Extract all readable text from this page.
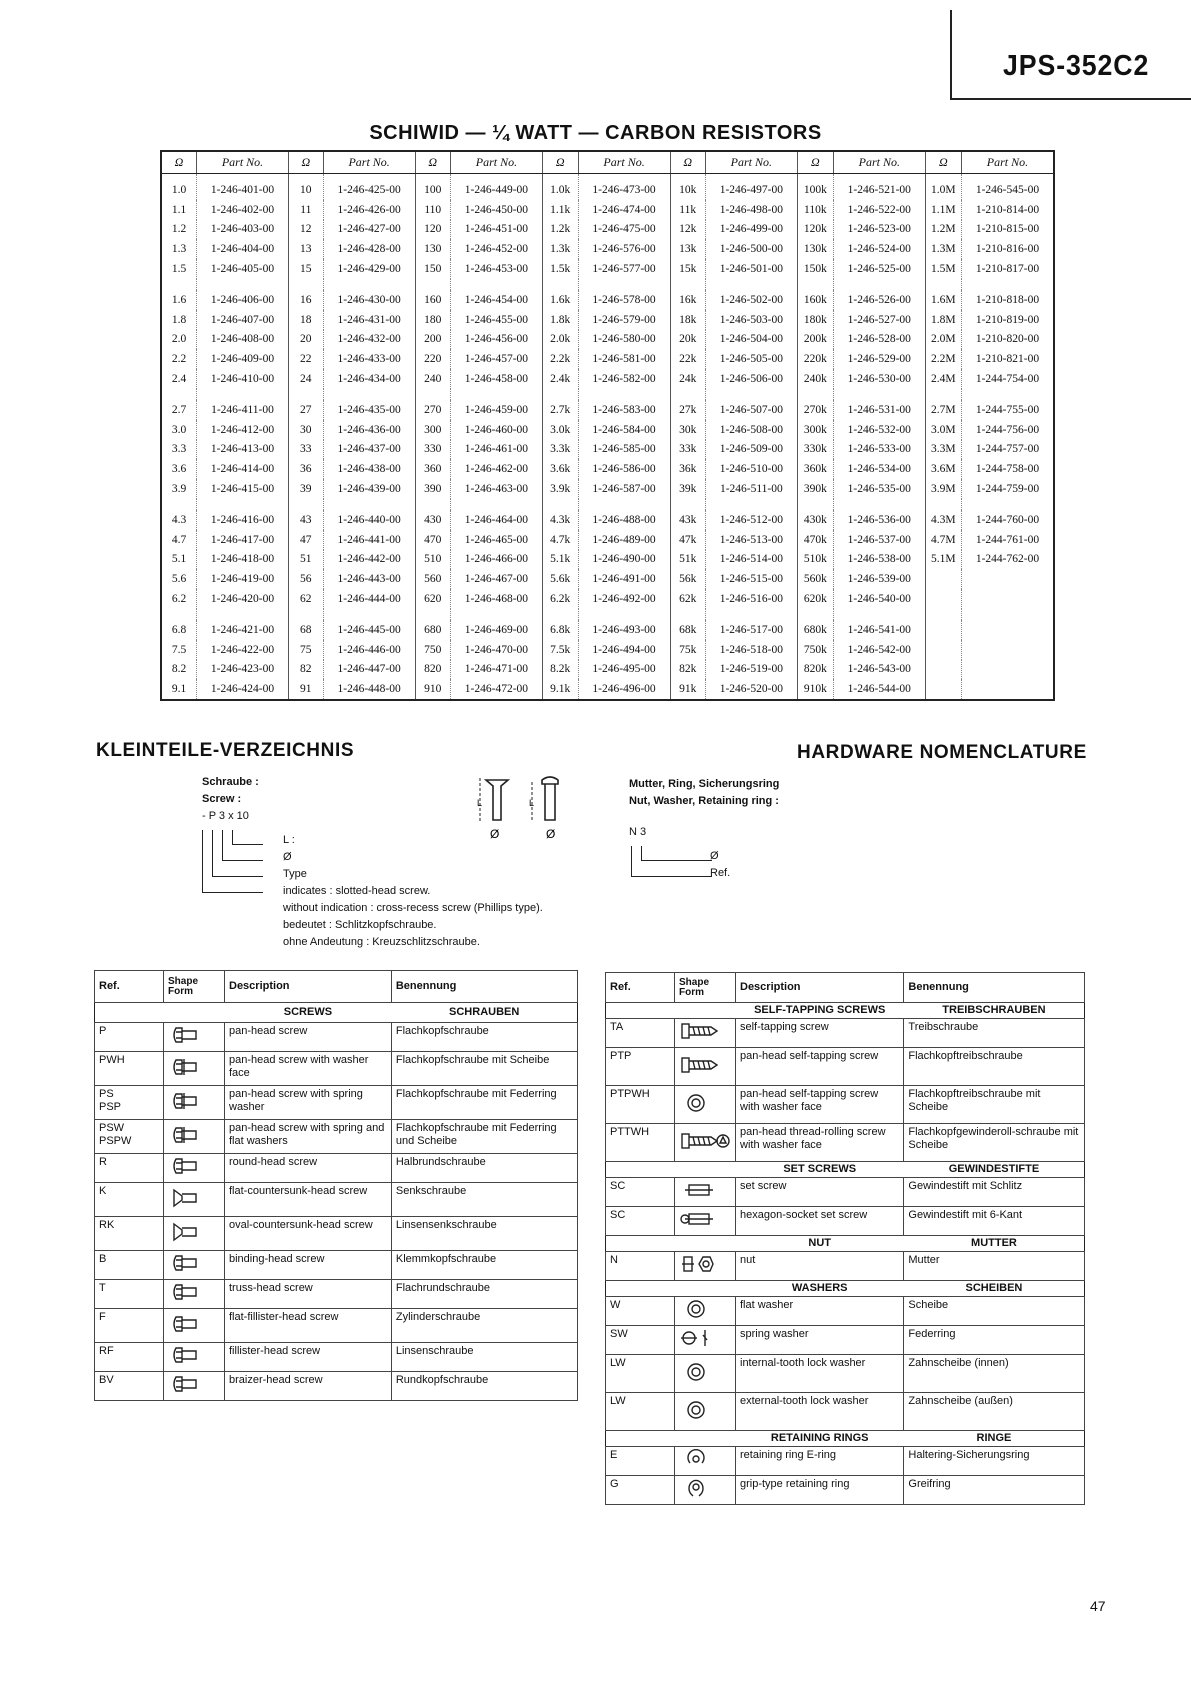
JPS-352C2
SCHIWID — ¼ WATT — CARBON RESISTORS
Ω	Part No.	Ω	Part No.	Ω	Part No.	Ω	Part No.	Ω	Part No.	Ω	Part No.	Ω	Part No.
1.0	1-246-401-00	10	1-246-425-00	100	1-246-449-00	1.0k	1-246-473-00	10k	1-246-497-00	100k	1-246-521-00	1.0M	1-246-545-00
1.1	1-246-402-00	11	1-246-426-00	110	1-246-450-00	1.1k	1-246-474-00	11k	1-246-498-00	110k	1-246-522-00	1.1M	1-210-814-00
1.2	1-246-403-00	12	1-246-427-00	120	1-246-451-00	1.2k	1-246-475-00	12k	1-246-499-00	120k	1-246-523-00	1.2M	1-210-815-00
1.3	1-246-404-00	13	1-246-428-00	130	1-246-452-00	1.3k	1-246-576-00	13k	1-246-500-00	130k	1-246-524-00	1.3M	1-210-816-00
1.5	1-246-405-00	15	1-246-429-00	150	1-246-453-00	1.5k	1-246-577-00	15k	1-246-501-00	150k	1-246-525-00	1.5M	1-210-817-00

1.6	1-246-406-00	16	1-246-430-00	160	1-246-454-00	1.6k	1-246-578-00	16k	1-246-502-00	160k	1-246-526-00	1.6M	1-210-818-00
1.8	1-246-407-00	18	1-246-431-00	180	1-246-455-00	1.8k	1-246-579-00	18k	1-246-503-00	180k	1-246-527-00	1.8M	1-210-819-00
2.0	1-246-408-00	20	1-246-432-00	200	1-246-456-00	2.0k	1-246-580-00	20k	1-246-504-00	200k	1-246-528-00	2.0M	1-210-820-00
2.2	1-246-409-00	22	1-246-433-00	220	1-246-457-00	2.2k	1-246-581-00	22k	1-246-505-00	220k	1-246-529-00	2.2M	1-210-821-00
2.4	1-246-410-00	24	1-246-434-00	240	1-246-458-00	2.4k	1-246-582-00	24k	1-246-506-00	240k	1-246-530-00	2.4M	1-244-754-00

2.7	1-246-411-00	27	1-246-435-00	270	1-246-459-00	2.7k	1-246-583-00	27k	1-246-507-00	270k	1-246-531-00	2.7M	1-244-755-00
3.0	1-246-412-00	30	1-246-436-00	300	1-246-460-00	3.0k	1-246-584-00	30k	1-246-508-00	300k	1-246-532-00	3.0M	1-244-756-00
3.3	1-246-413-00	33	1-246-437-00	330	1-246-461-00	3.3k	1-246-585-00	33k	1-246-509-00	330k	1-246-533-00	3.3M	1-244-757-00
3.6	1-246-414-00	36	1-246-438-00	360	1-246-462-00	3.6k	1-246-586-00	36k	1-246-510-00	360k	1-246-534-00	3.6M	1-244-758-00
3.9	1-246-415-00	39	1-246-439-00	390	1-246-463-00	3.9k	1-246-587-00	39k	1-246-511-00	390k	1-246-535-00	3.9M	1-244-759-00

4.3	1-246-416-00	43	1-246-440-00	430	1-246-464-00	4.3k	1-246-488-00	43k	1-246-512-00	430k	1-246-536-00	4.3M	1-244-760-00
4.7	1-246-417-00	47	1-246-441-00	470	1-246-465-00	4.7k	1-246-489-00	47k	1-246-513-00	470k	1-246-537-00	4.7M	1-244-761-00
5.1	1-246-418-00	51	1-246-442-00	510	1-246-466-00	5.1k	1-246-490-00	51k	1-246-514-00	510k	1-246-538-00	5.1M	1-244-762-00
5.6	1-246-419-00	56	1-246-443-00	560	1-246-467-00	5.6k	1-246-491-00	56k	1-246-515-00	560k	1-246-539-00		
6.2	1-246-420-00	62	1-246-444-00	620	1-246-468-00	6.2k	1-246-492-00	62k	1-246-516-00	620k	1-246-540-00		

6.8	1-246-421-00	68	1-246-445-00	680	1-246-469-00	6.8k	1-246-493-00	68k	1-246-517-00	680k	1-246-541-00		
7.5	1-246-422-00	75	1-246-446-00	750	1-246-470-00	7.5k	1-246-494-00	75k	1-246-518-00	750k	1-246-542-00		
8.2	1-246-423-00	82	1-246-447-00	820	1-246-471-00	8.2k	1-246-495-00	82k	1-246-519-00	820k	1-246-543-00		
9.1	1-246-424-00	91	1-246-448-00	910	1-246-472-00	9.1k	1-246-496-00	91k	1-246-520-00	910k	1-246-544-00		
KLEINTEILE-VERZEICHNIS	HARDWARE NOMENCLATURE
Schraube :
Screw :
- P 3 x 10
L :
Ø
Type
indicates : slotted-head screw.
without indication : cross-recess screw (Phillips type).
bedeutet : Schlitzkopfschraube.
ohne Andeutung : Kreuzschlitzschraube.
L	L
Ø	Ø
Mutter, Ring, Sicherungsring
Nut, Washer, Retaining ring :
N 3
Ø
Ref.
Ref.	Shape Form	Description	Benennung
		SCREWS	SCHRAUBEN
P		pan-head screw	Flachkopfschraube
PWH		pan-head screw with washer face	Flachkopfschraube mit Scheibe
PS
PSP		pan-head screw with spring washer	Flachkopfschraube mit Federring
PSW
PSPW		pan-head screw with spring and flat washers	Flachkopfschraube mit Federring und Scheibe
R		round-head screw	Halbrundschraube
K		flat-countersunk-head screw	Senkschraube
RK		oval-countersunk-head screw	Linsensenkschraube
B		binding-head screw	Klemmkopfschraube
T		truss-head screw	Flachrundschraube
F		flat-fillister-head screw	Zylinderschraube
RF		fillister-head screw	Linsenschraube
BV		braizer-head screw	Rundkopfschraube
Ref.	Shape Form	Description	Benennung
		SELF-TAPPING SCREWS	TREIBSCHRAUBEN
TA		self-tapping screw	Treibschraube
PTP		pan-head self-tapping screw	Flachkopftreibschraube
PTPWH		pan-head self-tapping screw with washer face	Flachkopftreibschraube mit Scheibe
PTTWH		pan-head thread-rolling screw with washer face	Flachkopfgewinderoll-schraube mit Scheibe
		SET SCREWS	GEWINDESTIFTE
SC		set screw	Gewindestift mit Schlitz
SC		hexagon-socket set screw	Gewindestift mit 6-Kant
		NUT	MUTTER
N		nut	Mutter
		WASHERS	SCHEIBEN
W		flat washer	Scheibe
SW		spring washer	Federring
LW		internal-tooth lock washer	Zahnscheibe (innen)
LW		external-tooth lock washer	Zahnscheibe (außen)
		RETAINING RINGS	RINGE
E		retaining ring E-ring	Haltering-Sicherungsring
G		grip-type retaining ring	Greifring
47
